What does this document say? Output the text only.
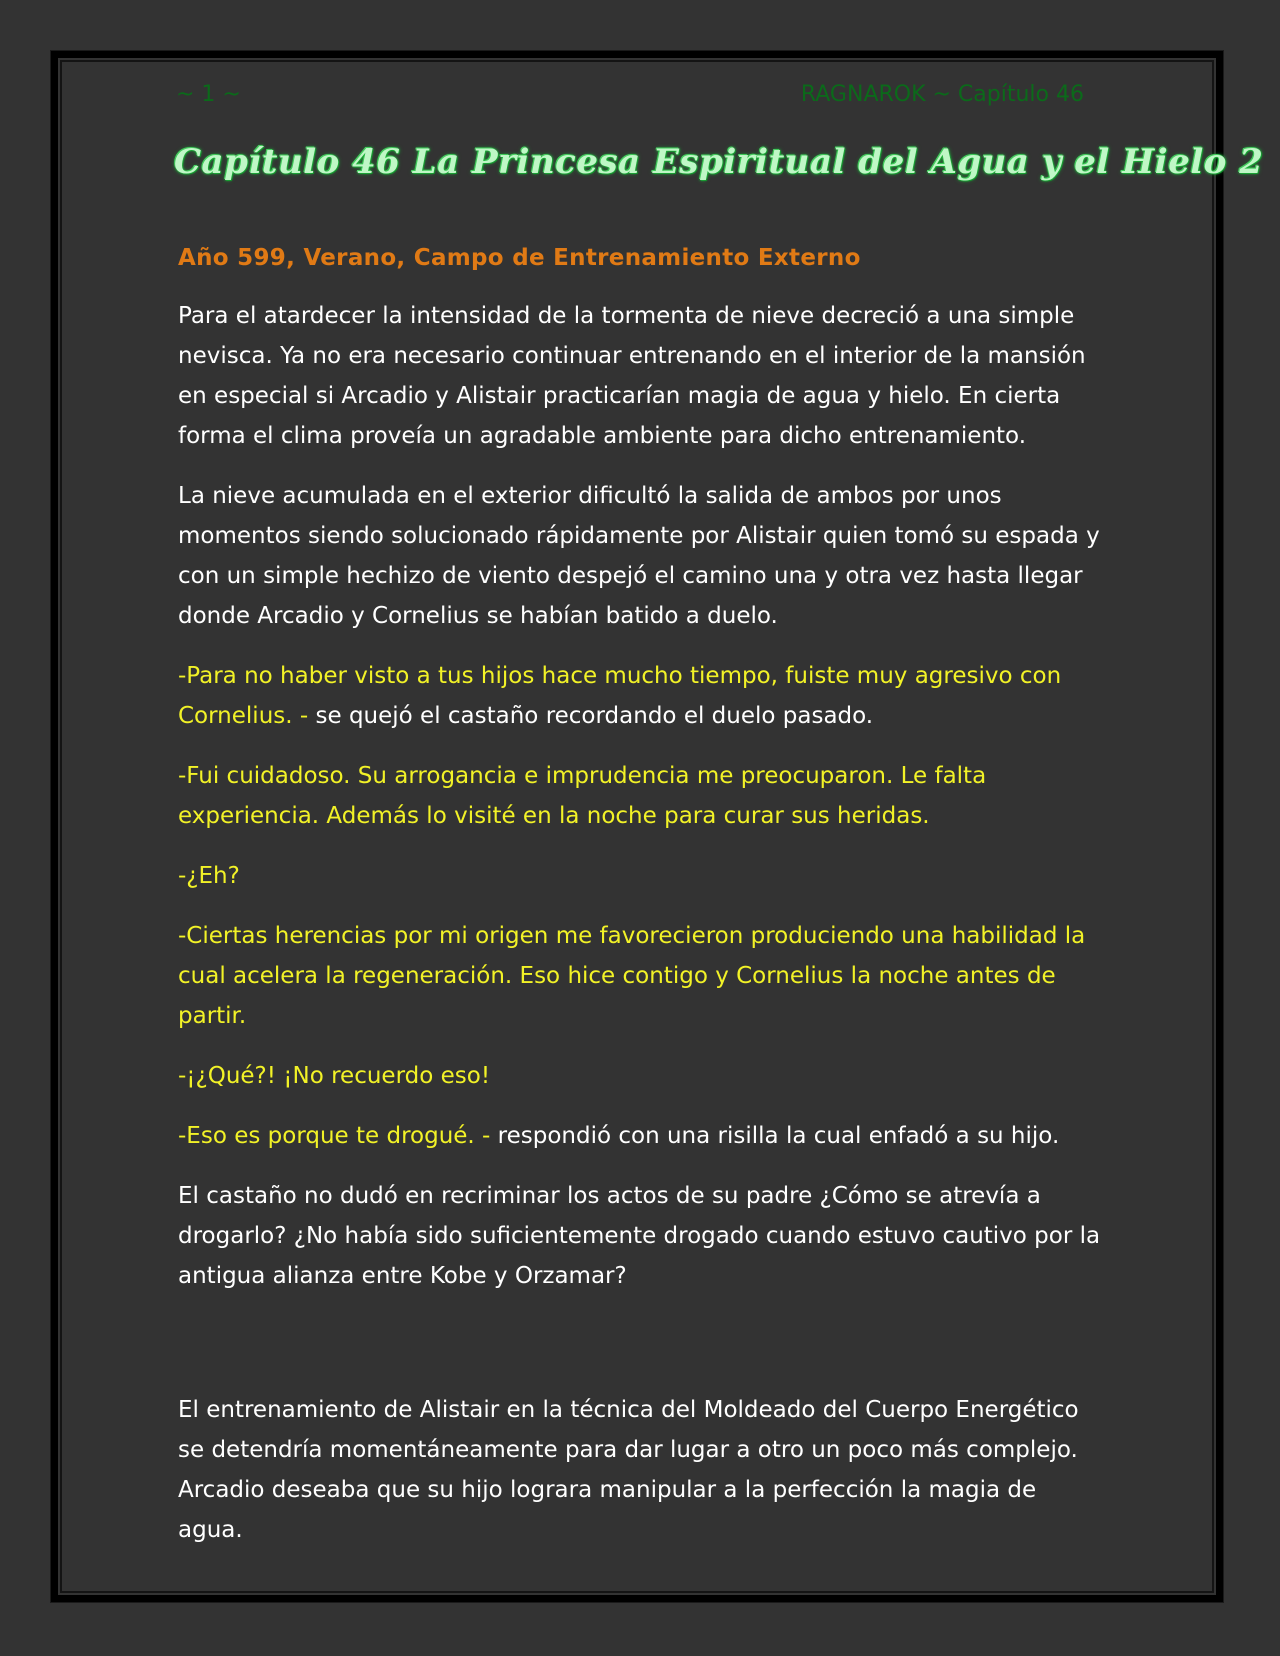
~ 1 ~	RAGNAROK ~ Capítulo 46
Capítulo 46 La Princesa Espiritual del Agua y el Hielo 2
Año 599, Verano, Campo de Entrenamiento Externo

Para el atardecer la intensidad de la tormenta de nieve decreció a una simple nevisca. Ya no era necesario continuar entrenando en el interior de la mansión en especial si Arcadio y Alistair practicarían magia de agua y hielo. En cierta forma el clima proveía un agradable ambiente para dicho entrenamiento.

La nieve acumulada en el exterior dificultó la salida de ambos por unos momentos siendo solucionado rápidamente por Alistair quien tomó su espada y con un simple hechizo de viento despejó el camino una y otra vez hasta llegar donde Arcadio y Cornelius se habían batido a duelo.

-Para no haber visto a tus hijos hace mucho tiempo, fuiste muy agresivo con Cornelius. - se quejó el castaño recordando el duelo pasado.

-Fui cuidadoso. Su arrogancia e imprudencia me preocuparon. Le falta experiencia. Además lo visité en la noche para curar sus heridas.

-¿Eh?

-Ciertas herencias por mi origen me favorecieron produciendo una habilidad la cual acelera la regeneración. Eso hice contigo y Cornelius la noche antes de partir.

-¡¿Qué?! ¡No recuerdo eso!

-Eso es porque te drogué. - respondió con una risilla la cual enfadó a su hijo.

El castaño no dudó en recriminar los actos de su padre ¿Cómo se atrevía a drogarlo? ¿No había sido suficientemente drogado cuando estuvo cautivo por la antigua alianza entre Kobe y Orzamar?

El entrenamiento de Alistair en la técnica del Moldeado del Cuerpo Energético se detendría momentáneamente para dar lugar a otro un poco más complejo. Arcadio deseaba que su hijo lograra manipular a la perfección la magia de agua.
